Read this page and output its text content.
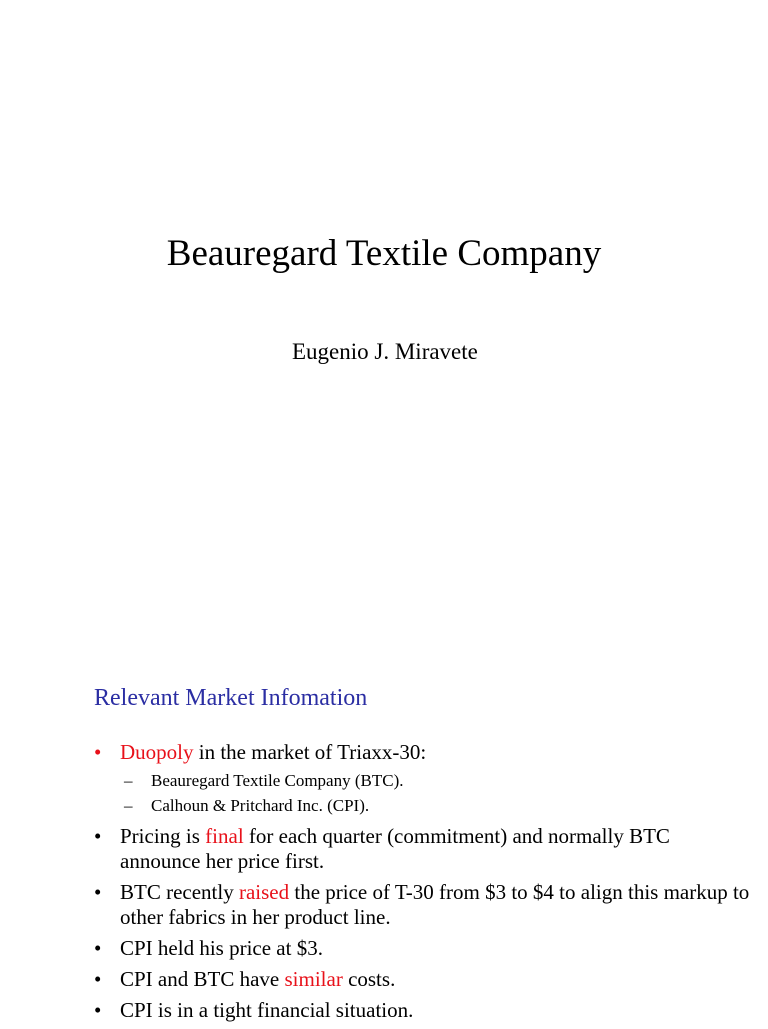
Beauregard Textile Company
Eugenio J. Miravete
Relevant Market Infomation
• Duopoly in the market of Triaxx-30:
– Beauregard Textile Company (BTC).
– Calhoun & Pritchard Inc. (CPI).
• Pricing is final for each quarter (commitment) and normally BTC announce her price first.
• BTC recently raised the price of T-30 from $3 to $4 to align this markup to other fabrics in her product line.
• CPI held his price at $3.
• CPI and BTC have similar costs.
• CPI is in a tight financial situation.
